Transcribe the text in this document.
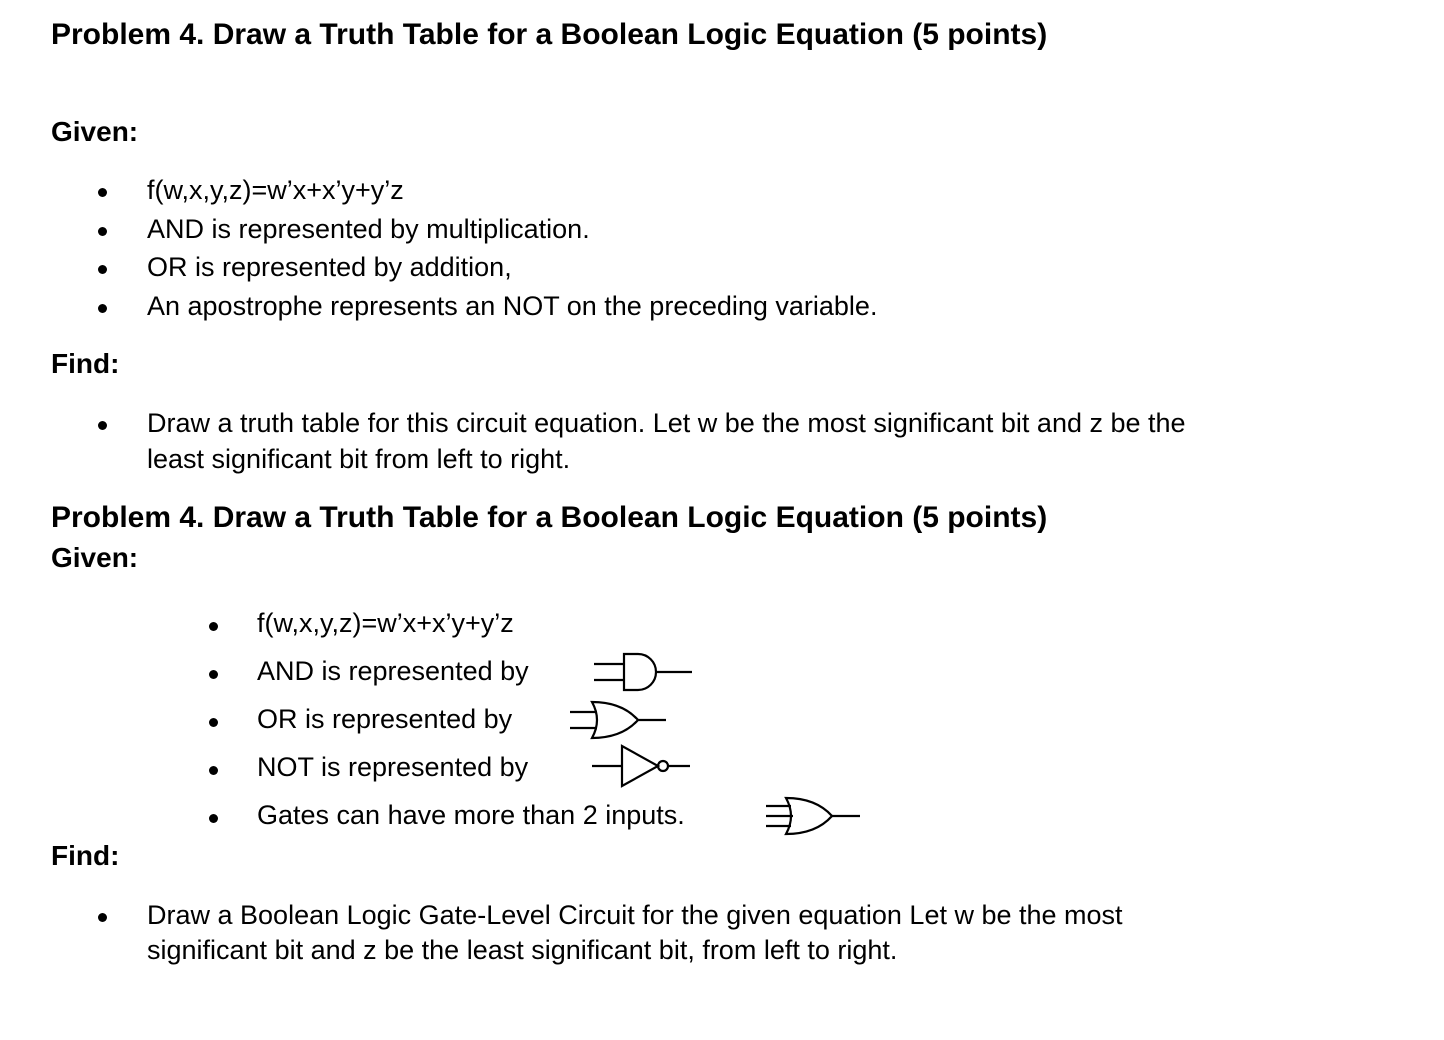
Problem 4. Draw a Truth Table for a Boolean Logic Equation (5 points)
Given:
f(w,x,y,z)=w’x+x’y+y’z
AND is represented by multiplication.
OR is represented by addition,
An apostrophe represents an NOT on the preceding variable.
Find:
Draw a truth table for this circuit equation. Let w be the most significant bit and z be the
least significant bit from left to right.
Problem 4. Draw a Truth Table for a Boolean Logic Equation (5 points)
Given:
f(w,x,y,z)=w’x+x’y+y’z
AND is represented by
OR is represented by
NOT is represented by
Gates can have more than 2 inputs.
Find:
Draw a Boolean Logic Gate-Level Circuit for the given equation Let w be the most
significant bit and z be the least significant bit, from left to right.
